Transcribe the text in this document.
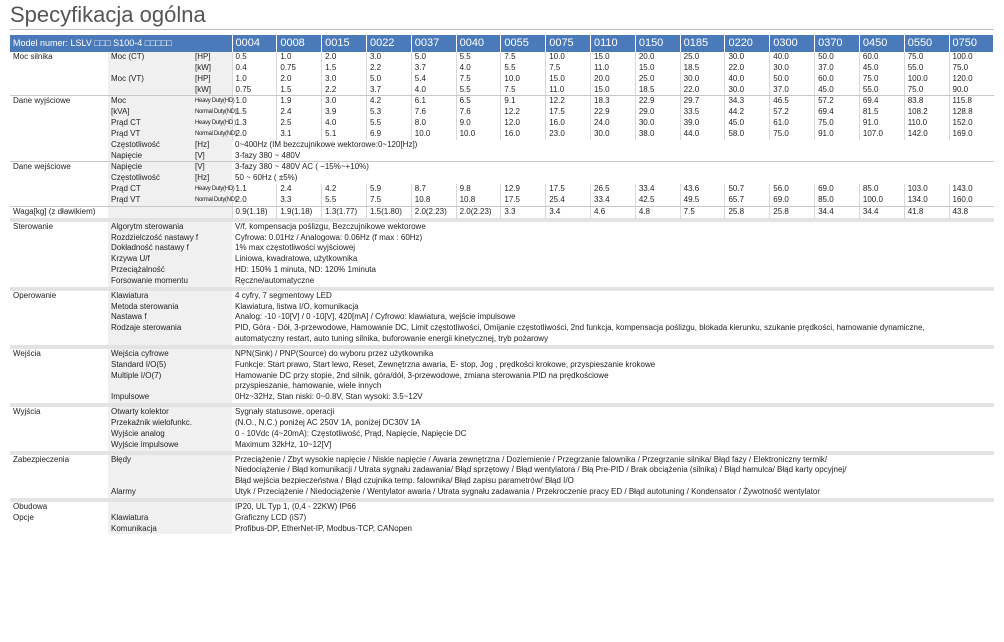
Specyfikacja ogólna
Model numer: LSLV □□□ S100-4 □□□□□			0004	0008	0015	0022	0037	0040	0055	0075	0110	0150	0185	0220	0300	0370	0450	0550	0750
Moc silnika	Moc (CT)	[HP]	0.5	1.0	2.0	3.0	5.0	5.5	7.5	10.0	15.0	20.0	25.0	30.0	40.0	50.0	60.0	75.0	100.0
		[kW]	0.4	0.75	1.5	2.2	3.7	4.0	5.5	7.5	11.0	15.0	18.5	22.0	30.0	37.0	45.0	55.0	75.0
	Moc (VT)	[HP]	1.0	2.0	3.0	5.0	5.4	7.5	10.0	15.0	20.0	25.0	30.0	40.0	50.0	60.0	75.0	100.0	120.0
		[kW]	0.75	1.5	2.2	3.7	4.0	5.5	7.5	11.0	15.0	18.5	22.0	30.0	37.0	45.0	55.0	75.0	90.0
Dane wyjściowe	Moc	Heavy Duty(HD)	1.0	1.9	3.0	4.2	6.1	6.5	9.1	12.2	18.3	22.9	29.7	34.3	46.5	57.2	69.4	83.8	115.8
	[kVA]	Normal Duty(ND)	1.5	2.4	3.9	5.3	7.6	7.6	12.2	17.5	22.9	29.0	33.5	44.2	57.2	69.4	81.5	108.2	128.8
	Prąd CT	Heavy Duty(HD )	1.3	2.5	4.0	5.5	8.0	9.0	12.0	16.0	24.0	30.0	39.0	45.0	61.0	75.0	91.0	110.0	152.0
	Prąd VT	Normal Duty(ND)	2.0	3.1	5.1	6.9	10.0	10.0	16.0	23.0	30.0	38.0	44.0	58.0	75.0	91.0	107.0	142.0	169.0
	Częstotliwość	[Hz]	0~400Hz (IM bezczujnikowe wektorowe:0~120[Hz])																
	Napięcie	[V]	3-fazy 380 ~ 480V																
Dane wejściowe	Napięcie	[V]	3-fazy 380 ~ 480V AC ( −15%~+10%)																
	Częstotliwość	[Hz]	50 ~ 60Hz ( ±5%)																
	Prąd CT	Heavy Duty(HD)	1.1	2.4	4.2	5.9	8.7	9.8	12.9	17.5	26.5	33.4	43.6	50.7	56.0	69.0	85.0	103.0	143.0
	Prąd VT	Normal Duty(ND)	2.0	3.3	5.5	7.5	10.8	10.8	17.5	25.4	33.4	42.5	49.5	65.7	69.0	85.0	100.0	134.0	160.0
Waga[kg] (z dławikiem)			0.9(1.18)	1.9(1.18)	1.3(1.77)	1.5(1.80)	2.0(2.23)	2.0(2.23)	3.3	3.4	4.6	4.8	7.5	25.8	25.8	34.4	34.4	41.8	43.8

Sterowanie	Algorytm sterowania		V/f, kompensacja poślizgu, Bezczujnikowe wektorowe																
	Rozdzielczość nastawy f		Cyfrowa: 0.01Hz / Analogowa: 0.06Hz (f max : 60Hz)																
	Dokładność nastawy f		1% max częstotliwości wyjściowej																
	Krzywa U/f		Liniowa, kwadratowa, użytkownika																
	Przeciążalność		HD: 150% 1 minuta, ND: 120% 1minuta																
	Forsowanie momentu		Ręczne/automatyczne																

Operowanie	Klawiatura		4 cyfry, 7 segmentowy LED																
	Metoda sterowania		Klawiatura, listwa I/O, komunikacja																
	Nastawa f		Analog: -10 -10[V] / 0 -10[V], 420[mA] / Cyfrowo: klawiatura, wejście impulsowe																
	Rodzaje sterowania		PID, Góra - Dół, 3-przewodowe, Hamowanie DC, Limit częstotliwości, Omijanie częstotliwości, 2nd funkcja, kompensacja poślizgu, blokada kierunku, szukanie prędkości, hamowanie dynamiczne,																
			automatyczny restart, auto tuning silnika, buforowanie energii kinetycznej, tryb pożarowy																

Wejścia	Wejścia cyfrowe		NPN(Sink) / PNP(Source) do wyboru przez użytkownika																
	Standard I/O(5)		Funkcje: Start prawo, Start lewo, Reset, Zewnętrzna awaria, E- stop, Jog , prędkości krokowe, przyspieszanie krokowe																
	Multiple I/O(7)		Hamowanie DC przy stopie, 2nd silnik, góra/dół, 3-przewodowe, zmiana sterowania PID na prędkościowe																
			przyspieszanie, hamowanie, wiele innych																
	Impulsowe		0Hz~32Hz, Stan niski: 0~0.8V, Stan wysoki: 3.5~12V																

Wyjścia	Otwarty kolektor		Sygnały statusowe, operacji																
	Przekaźnik wielofunkc.		(N.O., N.C.) poniżej AC 250V 1A, poniżej DC30V 1A																
	Wyjście analog		0 - 10Vdc (4~20mA): Częstotliwość, Prąd, Napięcie, Napięcie DC																
	Wyjście impulsowe		Maximum 32kHz, 10~12[V]																

Zabezpieczenia	Błędy		Przeciążenie / Zbyt wysokie napięcie / Niskie napięcie / Awaria zewnętrzna / Doziemienie / Przegrzanie falownika / Przegrzanie silnika/ Błąd fazy / Elektroniczny termik/																
			Niedociążenie / Błąd komunikacji / Utrata sygnału zadawania/ Błąd sprzętowy / Błąd wentylatora / Błą Pre-PID / Brak obciążenia (silnika) / Błąd hamulca/ Błąd karty opcyjnej/																
			Błąd wejścia bezpieczeństwa / Błąd czujnika temp. falownika/ Błąd zapisu parametrów/ Błąd I/O																
	Alarmy		Utyk / Przeciążenie / Niedociążenie / Wentylator awaria / Utrata sygnału zadawania / Przekroczenie pracy ED / Błąd autotuning / Kondensator / Żywotność wentylator																

Obudowa			IP20, UL Typ 1, (0,4 - 22KW) IP66																
Opcje	Klawiatura		Graficzny LCD (iS7)																
	Komunikacja		Profibus-DP, EtherNet-IP, Modbus-TCP, CANopen																
